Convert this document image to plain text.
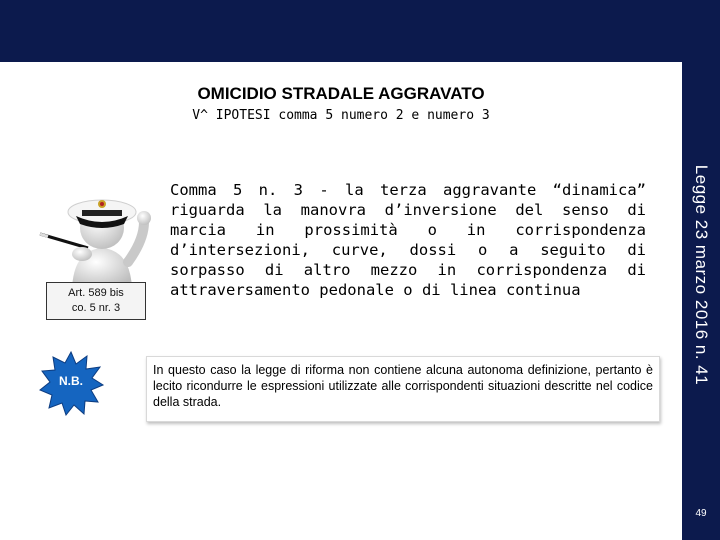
Legge 23 marzo 2016 n. 41
49
OMICIDIO STRADALE AGGRAVATO
V^ IPOTESI comma 5 numero 2 e numero 3
Art. 589 bis
co. 5 nr. 3
Comma 5 n. 3 - la terza aggravante “dinamica” riguarda la manovra d’inversione del senso di marcia in prossimità o in corrispondenza d’intersezioni, curve, dossi o a seguito di sorpasso di altro mezzo in corrispondenza di attraversamento pedonale o di linea continua
N.B.
In questo caso la legge di riforma non contiene alcuna autonoma definizione, pertanto è lecito ricondurre le espressioni utilizzate alle corrispondenti situazioni descritte nel codice della strada.
